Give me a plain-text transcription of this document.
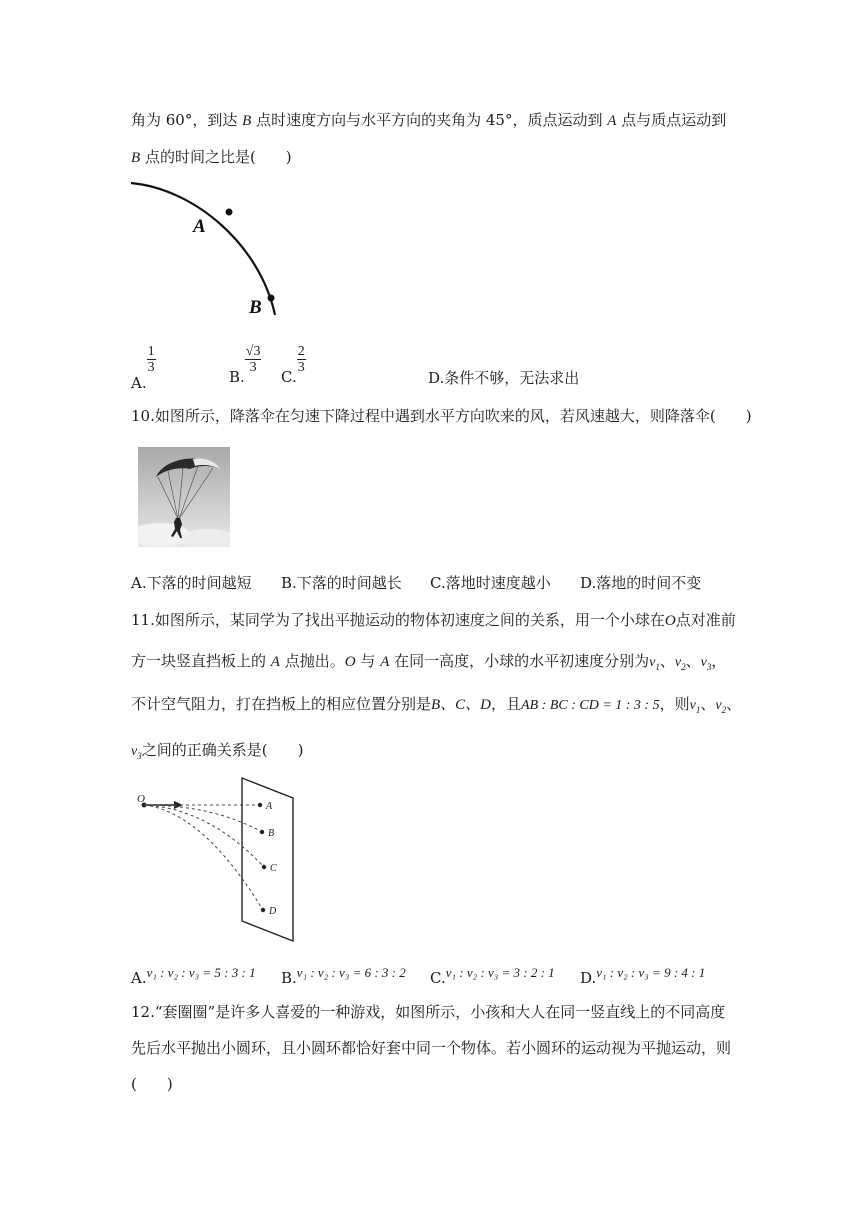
角为 60°，到达 B 点时速度方向与水平方向的夹角为 45°，质点运动到 A 点与质点运动到
B 点的时间之比是(　　)
A
B
A.
$\frac{1}{3}$
B.
$\frac{√3}{3}$
C.
$\frac{2}{3}$
D.条件不够，无法求出
10.如图所示，降落伞在匀速下降过程中遇到水平方向吹来的风，若风速越大，则降落伞(　　)
A.下落的时间越短 B.下落的时间越长 C.落地时速度越小 D.落地的时间不变
11.如图所示，某同学为了找出平抛运动的物体初速度之间的关系，用一个小球在O点对准前
方一块竖直挡板上的 A 点抛出。O 与 A 在同一高度，小球的水平初速度分别为$v_1$、$v_2$、$v_3$，
不计空气阻力，打在挡板上的相应位置分别是B、C、D，且AB : BC : CD = 1 : 3 : 5，则$v_1$、$v_2$、
$v_3$之间的正确关系是(　　)
O
A
B
C
D
A.v₁ : v₂ : v₃ = 5 : 3 : 1 B.v₁ : v₂ : v₃ = 6 : 3 : 2 C.v₁ : v₂ : v₃ = 3 : 2 : 1 D.v₁ : v₂ : v₃ = 9 : 4 : 1
12.“套圈圈”是许多人喜爱的一种游戏，如图所示，小孩和大人在同一竖直线上的不同高度
先后水平抛出小圆环，且小圆环都恰好套中同一个物体。若小圆环的运动视为平抛运动，则
(　　)
